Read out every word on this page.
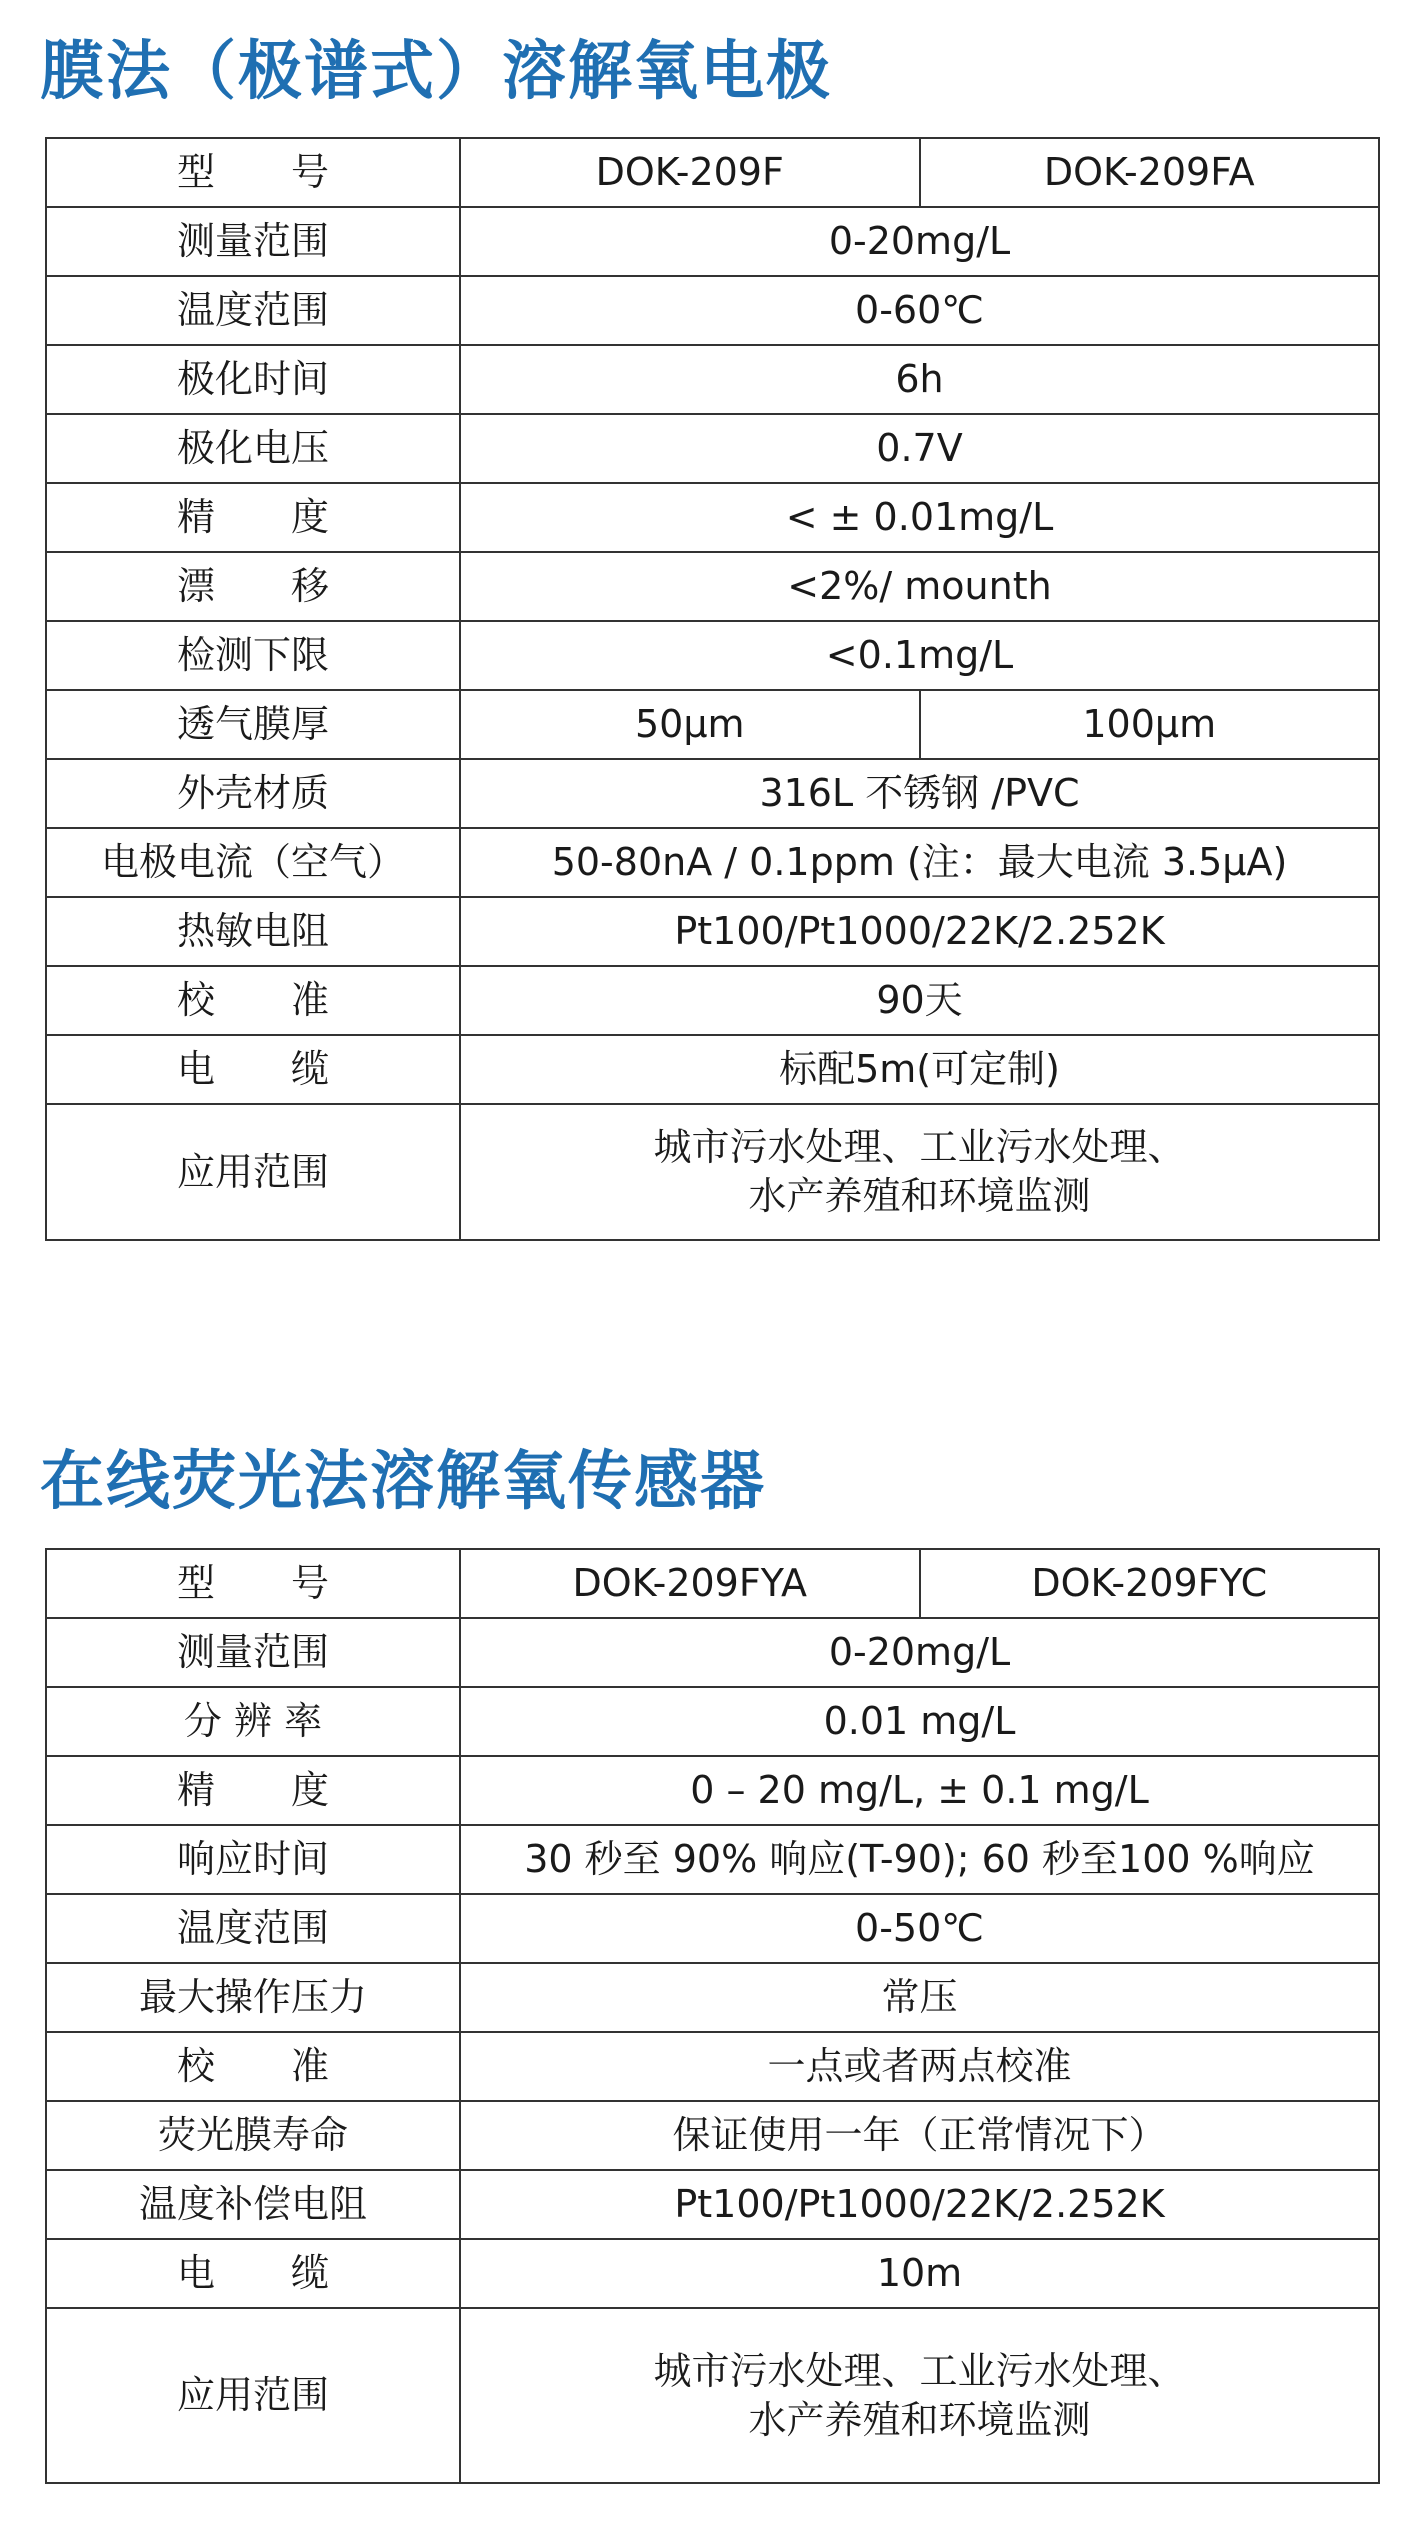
膜法（极谱式）溶解氧电极
型　　号	DOK-209F	DOK-209FA
测量范围	0-20mg/L	
温度范围	0-60℃	
极化时间	6h	
极化电压	0.7V	
精　　度	< ± 0.01mg/L	
漂　　移	<2%/ mounth	
检测下限	<0.1mg/L	
透气膜厚	50μm	100μm
外壳材质	316L 不锈钢 /PVC	
电极电流（空气）	50-80nA / 0.1ppm (注：最大电流 3.5μA)	
热敏电阻	Pt100/Pt1000/22K/2.252K	
校　　准	90天	
电　　缆	标配5m(可定制)	
应用范围	城市污水处理、工业污水处理、
水产养殖和环境监测	
在线荧光法溶解氧传感器
型　　号	DOK-209FYA	DOK-209FYC
测量范围	0-20mg/L	
分 辨 率	0.01 mg/L	
精　　度	0 – 20 mg/L, ± 0.1 mg/L	
响应时间	30 秒至 90% 响应(T-90); 60 秒至100 %响应	
温度范围	0-50℃	
最大操作压力	常压	
校　　准	一点或者两点校准	
荧光膜寿命	保证使用一年（正常情况下）	
温度补偿电阻	Pt100/Pt1000/22K/2.252K	
电　　缆	10m	
应用范围	城市污水处理、工业污水处理、
水产养殖和环境监测	
